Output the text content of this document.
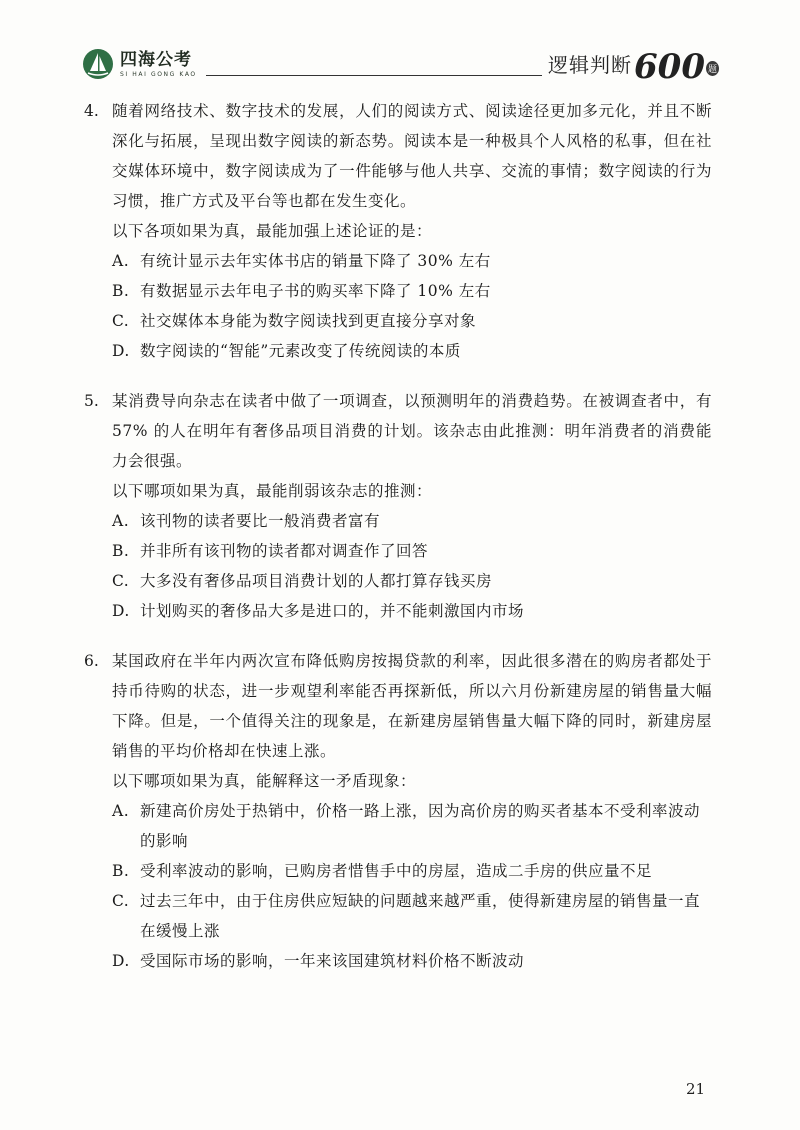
四海公考
SI HAI GONG KAO	逻辑判断 600 题
4. 随着网络技术、数字技术的发展，人们的阅读方式、阅读途径更加多元化，并且不断深化与拓展，呈现出数字阅读的新态势。阅读本是一种极具个人风格的私事，但在社交媒体环境中，数字阅读成为了一件能够与他人共享、交流的事情；数字阅读的行为习惯，推广方式及平台等也都在发生变化。
以下各项如果为真，最能加强上述论证的是：
A. 有统计显示去年实体书店的销量下降了 30% 左右
B. 有数据显示去年电子书的购买率下降了 10% 左右
C. 社交媒体本身能为数字阅读找到更直接分享对象
D. 数字阅读的“智能”元素改变了传统阅读的本质
5. 某消费导向杂志在读者中做了一项调查，以预测明年的消费趋势。在被调查者中，有 57% 的人在明年有奢侈品项目消费的计划。该杂志由此推测：明年消费者的消费能力会很强。
以下哪项如果为真，最能削弱该杂志的推测：
A. 该刊物的读者要比一般消费者富有
B. 并非所有该刊物的读者都对调查作了回答
C. 大多没有奢侈品项目消费计划的人都打算存钱买房
D. 计划购买的奢侈品大多是进口的，并不能刺激国内市场
6. 某国政府在半年内两次宣布降低购房按揭贷款的利率，因此很多潜在的购房者都处于持币待购的状态，进一步观望利率能否再探新低，所以六月份新建房屋的销售量大幅下降。但是，一个值得关注的现象是，在新建房屋销售量大幅下降的同时，新建房屋销售的平均价格却在快速上涨。
以下哪项如果为真，能解释这一矛盾现象：
A. 新建高价房处于热销中，价格一路上涨，因为高价房的购买者基本不受利率波动的影响
B. 受利率波动的影响，已购房者惜售手中的房屋，造成二手房的供应量不足
C. 过去三年中，由于住房供应短缺的问题越来越严重，使得新建房屋的销售量一直在缓慢上涨
D. 受国际市场的影响，一年来该国建筑材料价格不断波动
21
